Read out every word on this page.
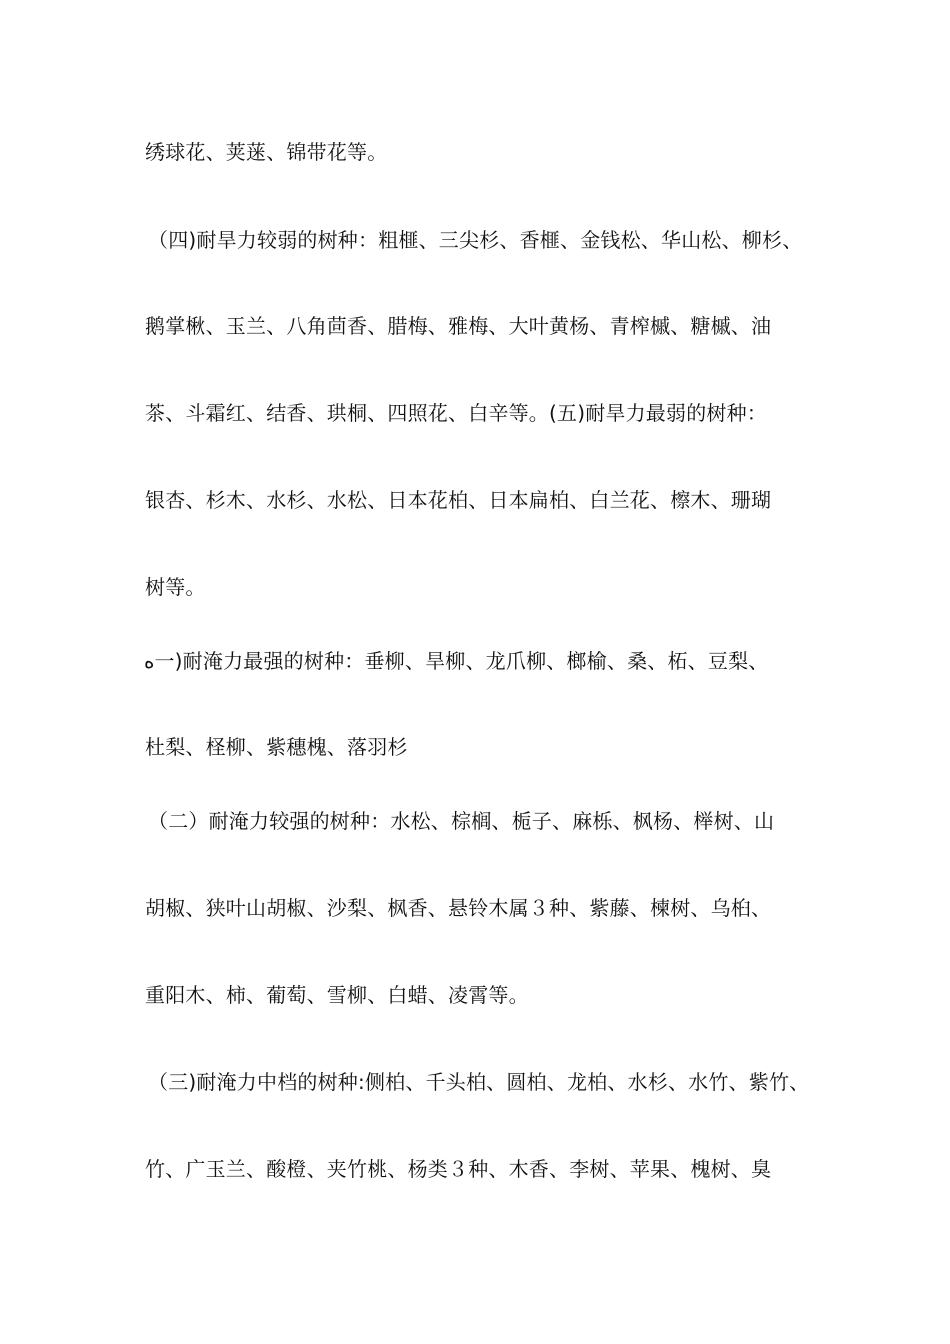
绣球花、荚蒾、锦带花等。
（四)耐旱力较弱的树种：粗榧、三尖杉、香榧、金钱松、华山松、柳杉、
鹅掌楸、玉兰、八角茴香、腊梅、雅梅、大叶黄杨、青榨槭、糖槭、油
茶、斗霜红、结香、珙桐、四照花、白辛等。(五)耐旱力最弱的树种：
银杏、杉木、水杉、水松、日本花柏、日本扁柏、白兰花、檫木、珊瑚
树等。
ﻩ一)耐淹力最强的树种：垂柳、旱柳、龙爪柳、榔榆、桑、柘、豆梨、
杜梨、柽柳、紫穗槐、落羽杉
（二）耐淹力较强的树种：水松、棕榈、栀子、麻栎、枫杨、榉树、山
胡椒、狭叶山胡椒、沙梨、枫香、悬铃木属３种、紫藤、楝树、乌桕、
重阳木、柿、葡萄、雪柳、白蜡、凌霄等。
（三)耐淹力中档的树种:侧柏、千头柏、圆柏、龙柏、水杉、水竹、紫竹、
竹、广玉兰、酸橙、夹竹桃、杨类３种、木香、李树、苹果、槐树、臭
